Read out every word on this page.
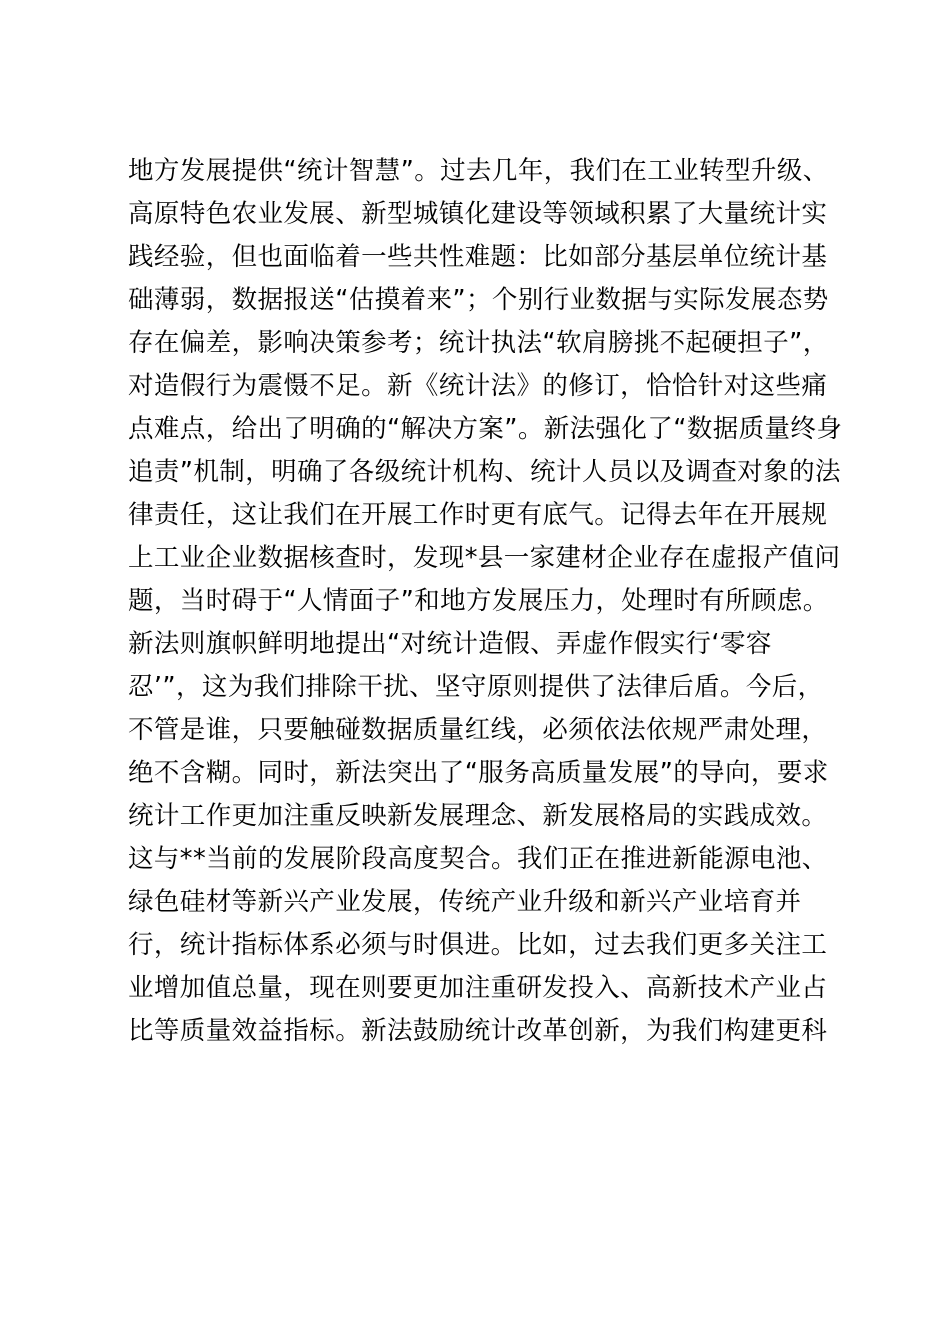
地方发展提供“统计智慧”。过去几年，我们在工业转型升级、
高原特色农业发展、新型城镇化建设等领域积累了大量统计实
践经验，但也面临着一些共性难题：比如部分基层单位统计基
础薄弱，数据报送“估摸着来”；个别行业数据与实际发展态势
存在偏差，影响决策参考；统计执法“软肩膀挑不起硬担子”，
对造假行为震慑不足。新《统计法》的修订，恰恰针对这些痛
点难点，给出了明确的“解决方案”。新法强化了“数据质量终身
追责”机制，明确了各级统计机构、统计人员以及调查对象的法
律责任，这让我们在开展工作时更有底气。记得去年在开展规
上工业企业数据核查时，发现*县一家建材企业存在虚报产值问
题，当时碍于“人情面子”和地方发展压力，处理时有所顾虑。
新法则旗帜鲜明地提出“对统计造假、弄虚作假实行‘零容
忍’”，这为我们排除干扰、坚守原则提供了法律后盾。今后，
不管是谁，只要触碰数据质量红线，必须依法依规严肃处理，
绝不含糊。同时，新法突出了“服务高质量发展”的导向，要求
统计工作更加注重反映新发展理念、新发展格局的实践成效。
这与**当前的发展阶段高度契合。我们正在推进新能源电池、
绿色硅材等新兴产业发展，传统产业升级和新兴产业培育并
行，统计指标体系必须与时俱进。比如，过去我们更多关注工
业增加值总量，现在则要更加注重研发投入、高新技术产业占
比等质量效益指标。新法鼓励统计改革创新，为我们构建更科
